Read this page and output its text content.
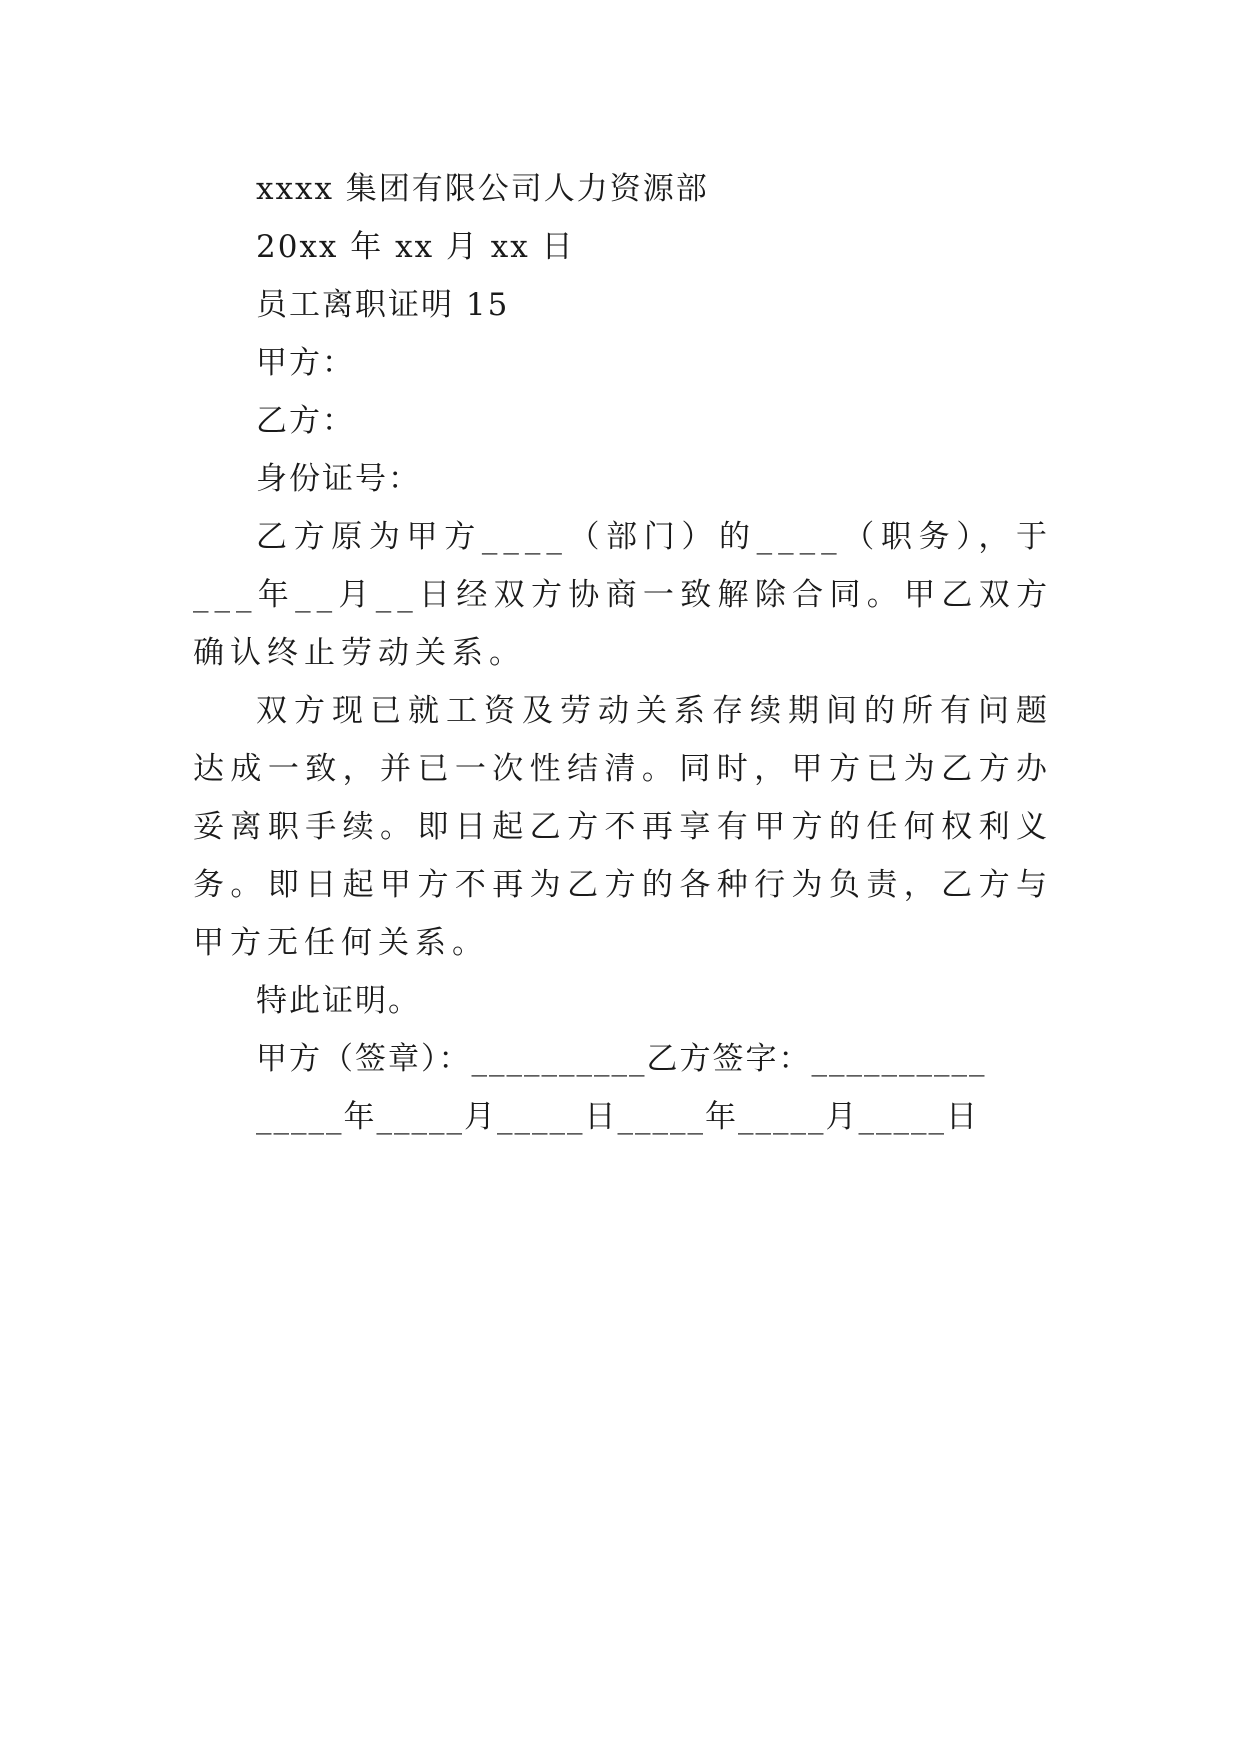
xxxx 集团有限公司人力资源部

20xx 年 xx 月 xx 日

员工离职证明 15

甲方：

乙方：

身份证号：

乙方原为甲方____（部门）的____（职务），于___年__月__日经双方协商一致解除合同。甲乙双方确认终止劳动关系。

双方现已就工资及劳动关系存续期间的所有问题达成一致，并已一次性结清。同时，甲方已为乙方办妥离职手续。即日起乙方不再享有甲方的任何权利义务。即日起甲方不再为乙方的各种行为负责，乙方与甲方无任何关系。

特此证明。

甲方（签章）：__________乙方签字：__________

_____年_____月_____日_____年_____月_____日
